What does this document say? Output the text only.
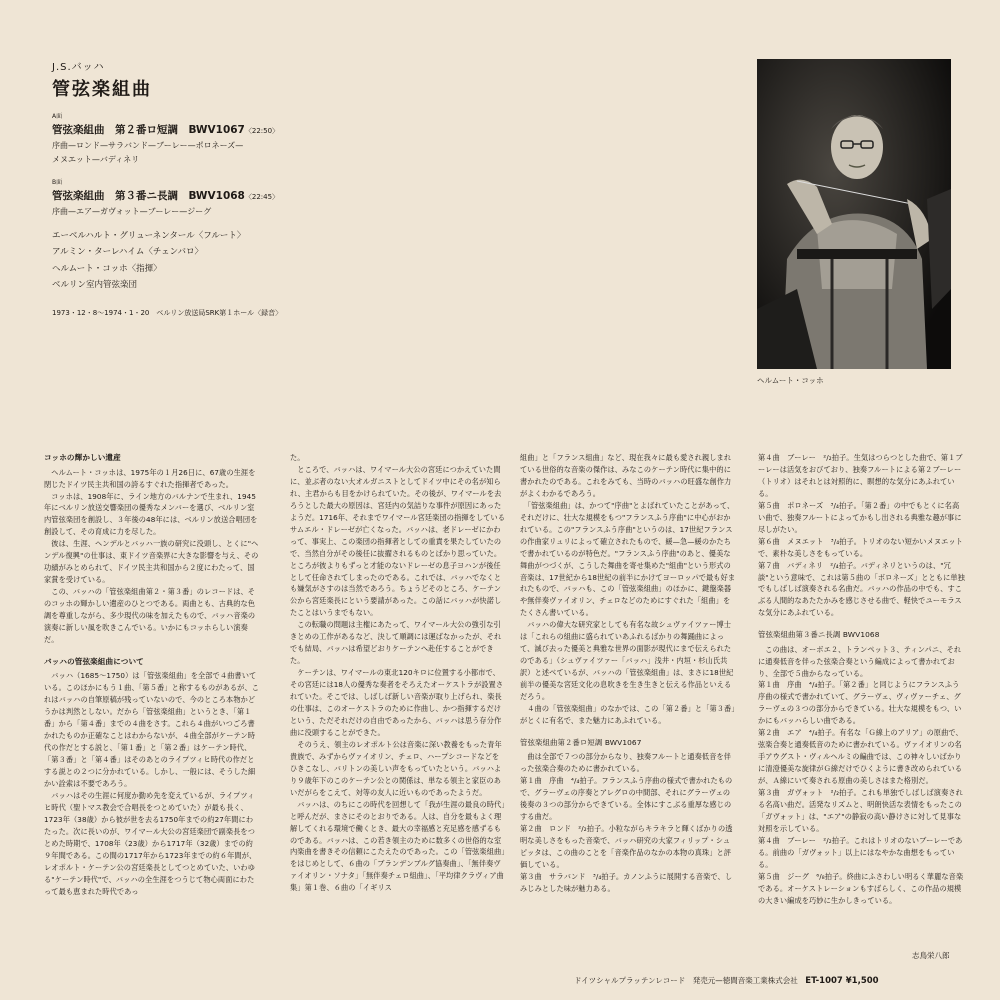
J.S.バッハ
管弦楽組曲
A面
管弦楽組曲　第２番ロ短調　BWV1067〈22:50〉
序曲—ロンド—サラバンド—ブーレー—ポロネーズ—
メヌエット—バディネリ
B面
管弦楽組曲　第３番ニ長調　BWV1068〈22:45〉
序曲—エア—ガヴォット—ブーレー—ジーグ
エーベルハルト・グリューネンタール〈フルート〉
アルミン・ターレハイム〈チェンバロ〉
ヘルムート・コッホ〈指揮〉
ベルリン室内管弦楽団
1973・12・8～1974・1・20　ベルリン放送局SRK第１ホール〈録音〉
ヘルムート・コッホ
コッホの輝かしい遺産

　ヘルムート・コッホは、1975年の１月26日に、67歳の生涯を閉じたドイツ民主共和国の誇るすぐれた指揮者であった。

　コッホは、1908年に、ライン地方のバルナンで生まれ、1945年にベルリン放送交響楽団の優秀なメンバーを選び、ベルリン室内管弦楽団を創設し、３年後の48年には、ベルリン放送合唱団を創設して、その育成に力を尽した。

　彼は、生涯、ヘンデルとバッハ一族の研究に没頭し、とくに"ヘンデル復興"の仕事は、東ドイツ音楽界に大きな影響を与え、その功績がみとめられて、ドイツ民主共和国から２度にわたって、国家賞を受けている。

　この、バッハの「管弦楽組曲第２・第３番」のレコードは、そのコッホの輝かしい遺産のひとつである。両曲とも、古典的な色調を尊重しながら、多少現代の味を加えたもので、バッハ音楽の演奏に新しい風を吹きこんでいる。いかにもコッホらしい演奏だ。

バッハの管弦楽組曲について

　バッハ（1685～1750）は「管弦楽組曲」を全部で４曲書いている。このほかにもう１曲、「第５番」と称するものがあるが、これはバッハの自筆原稿が残っていないので、今のところ本物かどうかは判然としない。だから「管弦楽組曲」というとき、「第１番」から「第４番」までの４曲をさす。これら４曲がいつごろ書かれたものか正確なことはわからないが、４曲全部がケーテン時代の作だとする説と、「第１番」と「第２番」はケーテン時代、「第３番」と「第４番」はそのあとのライプツィヒ時代の作だとする説との２つに分かれている。しかし、一般には、そうした細かい詮索は不要であろう。

　バッハはその生涯に何度か勤め先を変えているが、ライプツィヒ時代（聖トマス教会で合唱長をつとめていた）が最も長く、1723年（38歳）から彼が世を去る1750年までの約27年間にわたった。次に長いのが、ワイマール大公の宮廷楽団で副楽長をつとめた時期で、1708年（23歳）から1717年（32歳）までの約９年間である。この間の1717年から1723年までの約６年間が、レオポルト・ケーテン公の宮廷楽長としてつとめていた、いわゆる"ケーテン時代"で、バッハの全生涯をつうじて物心両面にわたって最も恵まれた時代であっ

た。

　ところで、バッハは、ワイマール大公の宮廷につかえていた間に、並ぶ者のない大オルガニストとしてドイツ中にその名が知られ、主君からも目をかけられていた。その後が、ワイマールを去ろうとした最大の原因は、宮廷内の気詰りな事件が原因にあったようだ。1716年、それまでワイマール宮廷楽団の指揮をしているサムエル・ドレーゼが亡くなった。バッハは、老ドレーゼにかわって、事実上、この楽団の指揮者としての重責を果たしていたので、当然自分がその後任に抜擢されるものとばかり思っていた。ところが彼よりもずっと才能のないドレーゼの息子ヨハンが後任として任命されてしまったのである。これでは、バッハでなくとも嫌気がさすのは当然であろう。ちょうどそのところ、ケーテン公から宮廷楽長にという要請があった。この話にバッハが快諾したことはいうまでもない。

　この転職の問題は主権にあたって、ワイマール大公の強引な引きとめの工作があるなど、決して順調には運ばなかったが、それでも結局、バッハは希望どおりケーテンへ赴任することができた。

　ケーテンは、ワイマールの東北120キロに位置する小都市で、その宮廷には18人の優秀な奏者をそろえたオーケストラが設置されていた。そこでは、しばしば新しい音楽が取り上げられ、楽長の仕事は、このオーケストラのために作曲し、かつ指揮するだけという、ただそれだけの自由であったから、バッハは思う存分作曲に没頭することができた。

　そのうえ、領主のレオポルト公は音楽に深い教養をもった青年貴族で、みずからヴァイオリン、チェロ、ハープシコードなどをひきこなし、バリトンの美しい声をもっていたという。バッハより９歳年下のこのケーテン公との関係は、単なる領主と家臣のあいだがらをこえて、対等の友人に近いものであったようだ。

　バッハは、のちにこの時代を回想して「我が生涯の最良の時代」と呼んだが、まさにそのとおりである。人は、自分を最もよく理解してくれる環境で働くとき、最大の幸福感と充足感を感ずるものである。バッハは、この若き領主のために数多くの世俗的な室内楽曲を書きその信頼にこたえたのであった。この「管弦楽組曲」をはじめとして、６曲の「ブランデンブルグ協奏曲」、「無伴奏ヴァイオリン・ソナタ」「無伴奏チェロ組曲」、「平均律クラヴィア曲集」第１巻、６曲の「イギリス

組曲」と「フランス組曲」など、現在我々に最も愛され親しまれている世俗的な音楽の傑作は、みなこのケーテン時代に集中的に書かれたのである。これをみても、当時のバッハの旺盛な創作力がよくわかるであろう。

　「管弦楽組曲」は、かつて"序曲"とよばれていたことがあって、それだけに、壮大な規模をもつ"フランスふう序曲"に中心がおかれている。この"フランスふう序曲"というのは、17世紀フランスの作曲家リュリによって確立されたもので、緩—急—緩のかたちで書かれているのが特色だ。"フランスふう序曲"のあと、優美な舞曲がつづくが、こうした舞曲を寄せ集めた"組曲"という形式の音楽は、17世紀から18世紀の前半にかけてヨーロッパで最も好まれたもので、バッハも、この「管弦楽組曲」のほかに、鍵盤楽器や無伴奏ヴァイオリン、チェロなどのためにすぐれた「組曲」をたくさん書いている。

　バッハの偉大な研究家としても有名な故シュヴァイツァー博士は「これらの組曲に盛られていあふれるばかりの舞踊曲によって、滅び去った優美と典雅な世界の面影が現代にまで伝えられたのである」（シュヴァイツァー「バッハ」浅井・内垣・杉山氏共訳）と述べているが、バッハの「管弦楽組曲」は、まさに18世紀前半の優美な宮廷文化の息吹きを生き生きと伝える作品といえるだろう。

　４曲の「管弦楽組曲」のなかでは、この「第２番」と「第３番」がとくに有名で、また魅力にあふれている。

管弦楽組曲第２番ロ短調 BWV1067

　曲は全部で７つの部分からなり、独奏フルートと通奏低音を伴った弦楽合奏のために書かれている。

第１曲　序曲　⁴/₄拍子。フランスふう序曲の様式で書かれたもので、グラーヴェの序奏とアレグロの中間部、それにグラーヴェの後奏の３つの部分からできている。全体にすこぶる重厚な感じのする曲だ。

第２曲　ロンド　²/₂拍子。小粒ながらキラキラと輝くばかりの透明な美しさをもった音楽で、バッハ研究の大家フィリップ・シュピッタは、この曲のことを「音楽作品のなかの本物の真珠」と評価している。

第３曲　サラバンド　³/₄拍子。カノンふうに展開する音楽で、しみじみとした味が魅力ある。

第４曲　ブーレー　²/₂拍子。生気はつらつとした曲で、第１ブーレーは活気をおびており、独奏フルートによる第２ブーレー（トリオ）はそれとは対照的に、瞑想的な気分にあふれている。

第５曲　ポロネーズ　³/₄拍子。「第２番」の中でもとくに名高い曲で、独奏フルートによってかもし出される典雅な趣が事に尽しがたい。

第６曲　メヌエット　³/₄拍子。トリオのない短かいメヌエットで、素朴な美しさをもっている。

第７曲　バディネリ　²/₄拍子。バディネリというのは、"冗談"という意味で、これは第５曲の「ボロネーズ」とともに単独でもしばしば演奏される名曲だ。バッハの作品の中でも、すこぶる人間的なあたたかみを感じさせる曲で、軽快でユーモラスな気分にあふれている。

管弦楽組曲第３番ニ長調 BWV1068

　この曲は、オーボエ２、トランペット３、ティンパニ、それに通奏低音を伴った弦楽合奏という編成によって書かれており、全部で５曲からなっている。

第１曲　序曲　⁴/₄拍子。「第２番」と同じようにフランスふう序曲の様式で書かれていて、グラーヴェ、ヴィヴァーチェ、グラーヴェの３つの部分からできている。壮大な規模をもつ、いかにもバッハらしい曲である。

第２曲　エア　⁴/₄拍子。有名な「Ｇ線上のアリア」の原曲で、弦楽合奏と通奏低音のために書かれている。ヴァイオリンの名手アウグスト・ヴィルヘルミの編曲では、この神々しいばかりに清澄優美な旋律がＧ線だけでひくように書き改められているが、Ａ線にいて奏される原曲の美しさはまた格別だ。

第３曲　ガヴォット　²/₂拍子。これも単独でしばしば演奏される名高い曲だ。活発なリズムと、明朗快活な表情をもったこの「ガヴォット」は、"エア"の静寂の高い静けさに対して見事な対照を示している。

第４曲　ブーレー　²/₂拍子。これはトリオのないブーレーである。前曲の「ガヴォット」以上にはなやかな曲想をもっている。

第５曲　ジーグ　⁶/₈拍子。終曲にふさわしい明るく華麗な音楽である。オーケストレーションもすばらしく、この作品の規模の大きい編成を巧妙に生かしきっている。

志鳥栄八郎
ドイツシャルプラッテンレコード　発売元—徳間音楽工業株式会社　 ET-1007 ¥1,500
